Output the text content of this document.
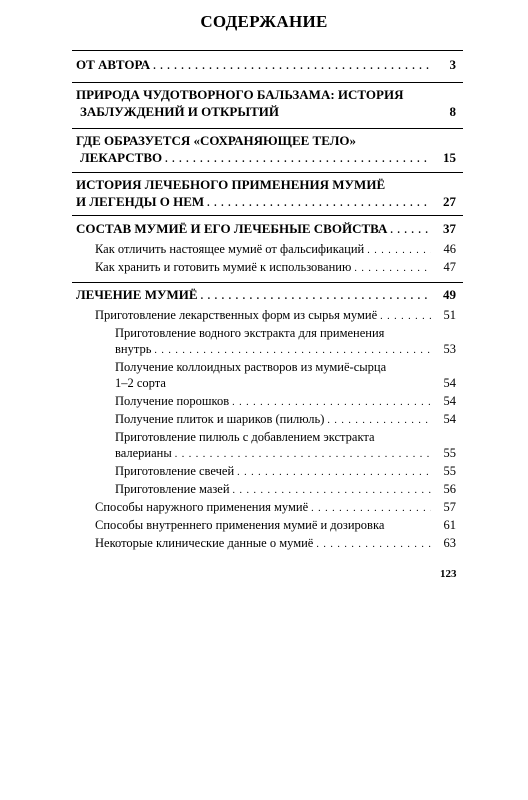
СОДЕРЖАНИЕ
ОТ АВТОРА . . .	3
ПРИРОДА ЧУДОТВОРНОГО БАЛЬЗАМА: ИСТОРИЯ
ЗАБЛУЖДЕНИЙ И ОТКРЫТИЙ	8
ГДЕ ОБРАЗУЕТСЯ «СОХРАНЯЮЩЕЕ ТЕЛО»
ЛЕКАРСТВО . . .	15
ИСТОРИЯ ЛЕЧЕБНОГО ПРИМЕНЕНИЯ МУМИЁ
И ЛЕГЕНДЫ О НЕМ . . .	27
СОСТАВ МУМИЁ И ЕГО ЛЕЧЕБНЫЕ СВОЙСТВА . . .	37
Как отличить настоящее мумиё от фальсификаций . . .	46
Как хранить и готовить мумиё к использованию . . .	47
ЛЕЧЕНИЕ МУМИЁ . . .	49
Приготовление лекарственных форм из сырья мумиё . . .	51
Приготовление водного экстракта для применения
внутрь . . .	53
Получение коллоидных растворов из мумиё-сырца
1–2 сорта	54
Получение порошков . . .	54
Получение плиток и шариков (пилюль) . . .	54
Приготовление пилюль с добавлением экстракта
валерианы . . .	55
Приготовление свечей . . .	55
Приготовление мазей . . .	56
Способы наружного применения мумиё . . .	57
Способы внутреннего применения мумиё и дозировка	61
Некоторые клинические данные о мумиё . . .	63
123
